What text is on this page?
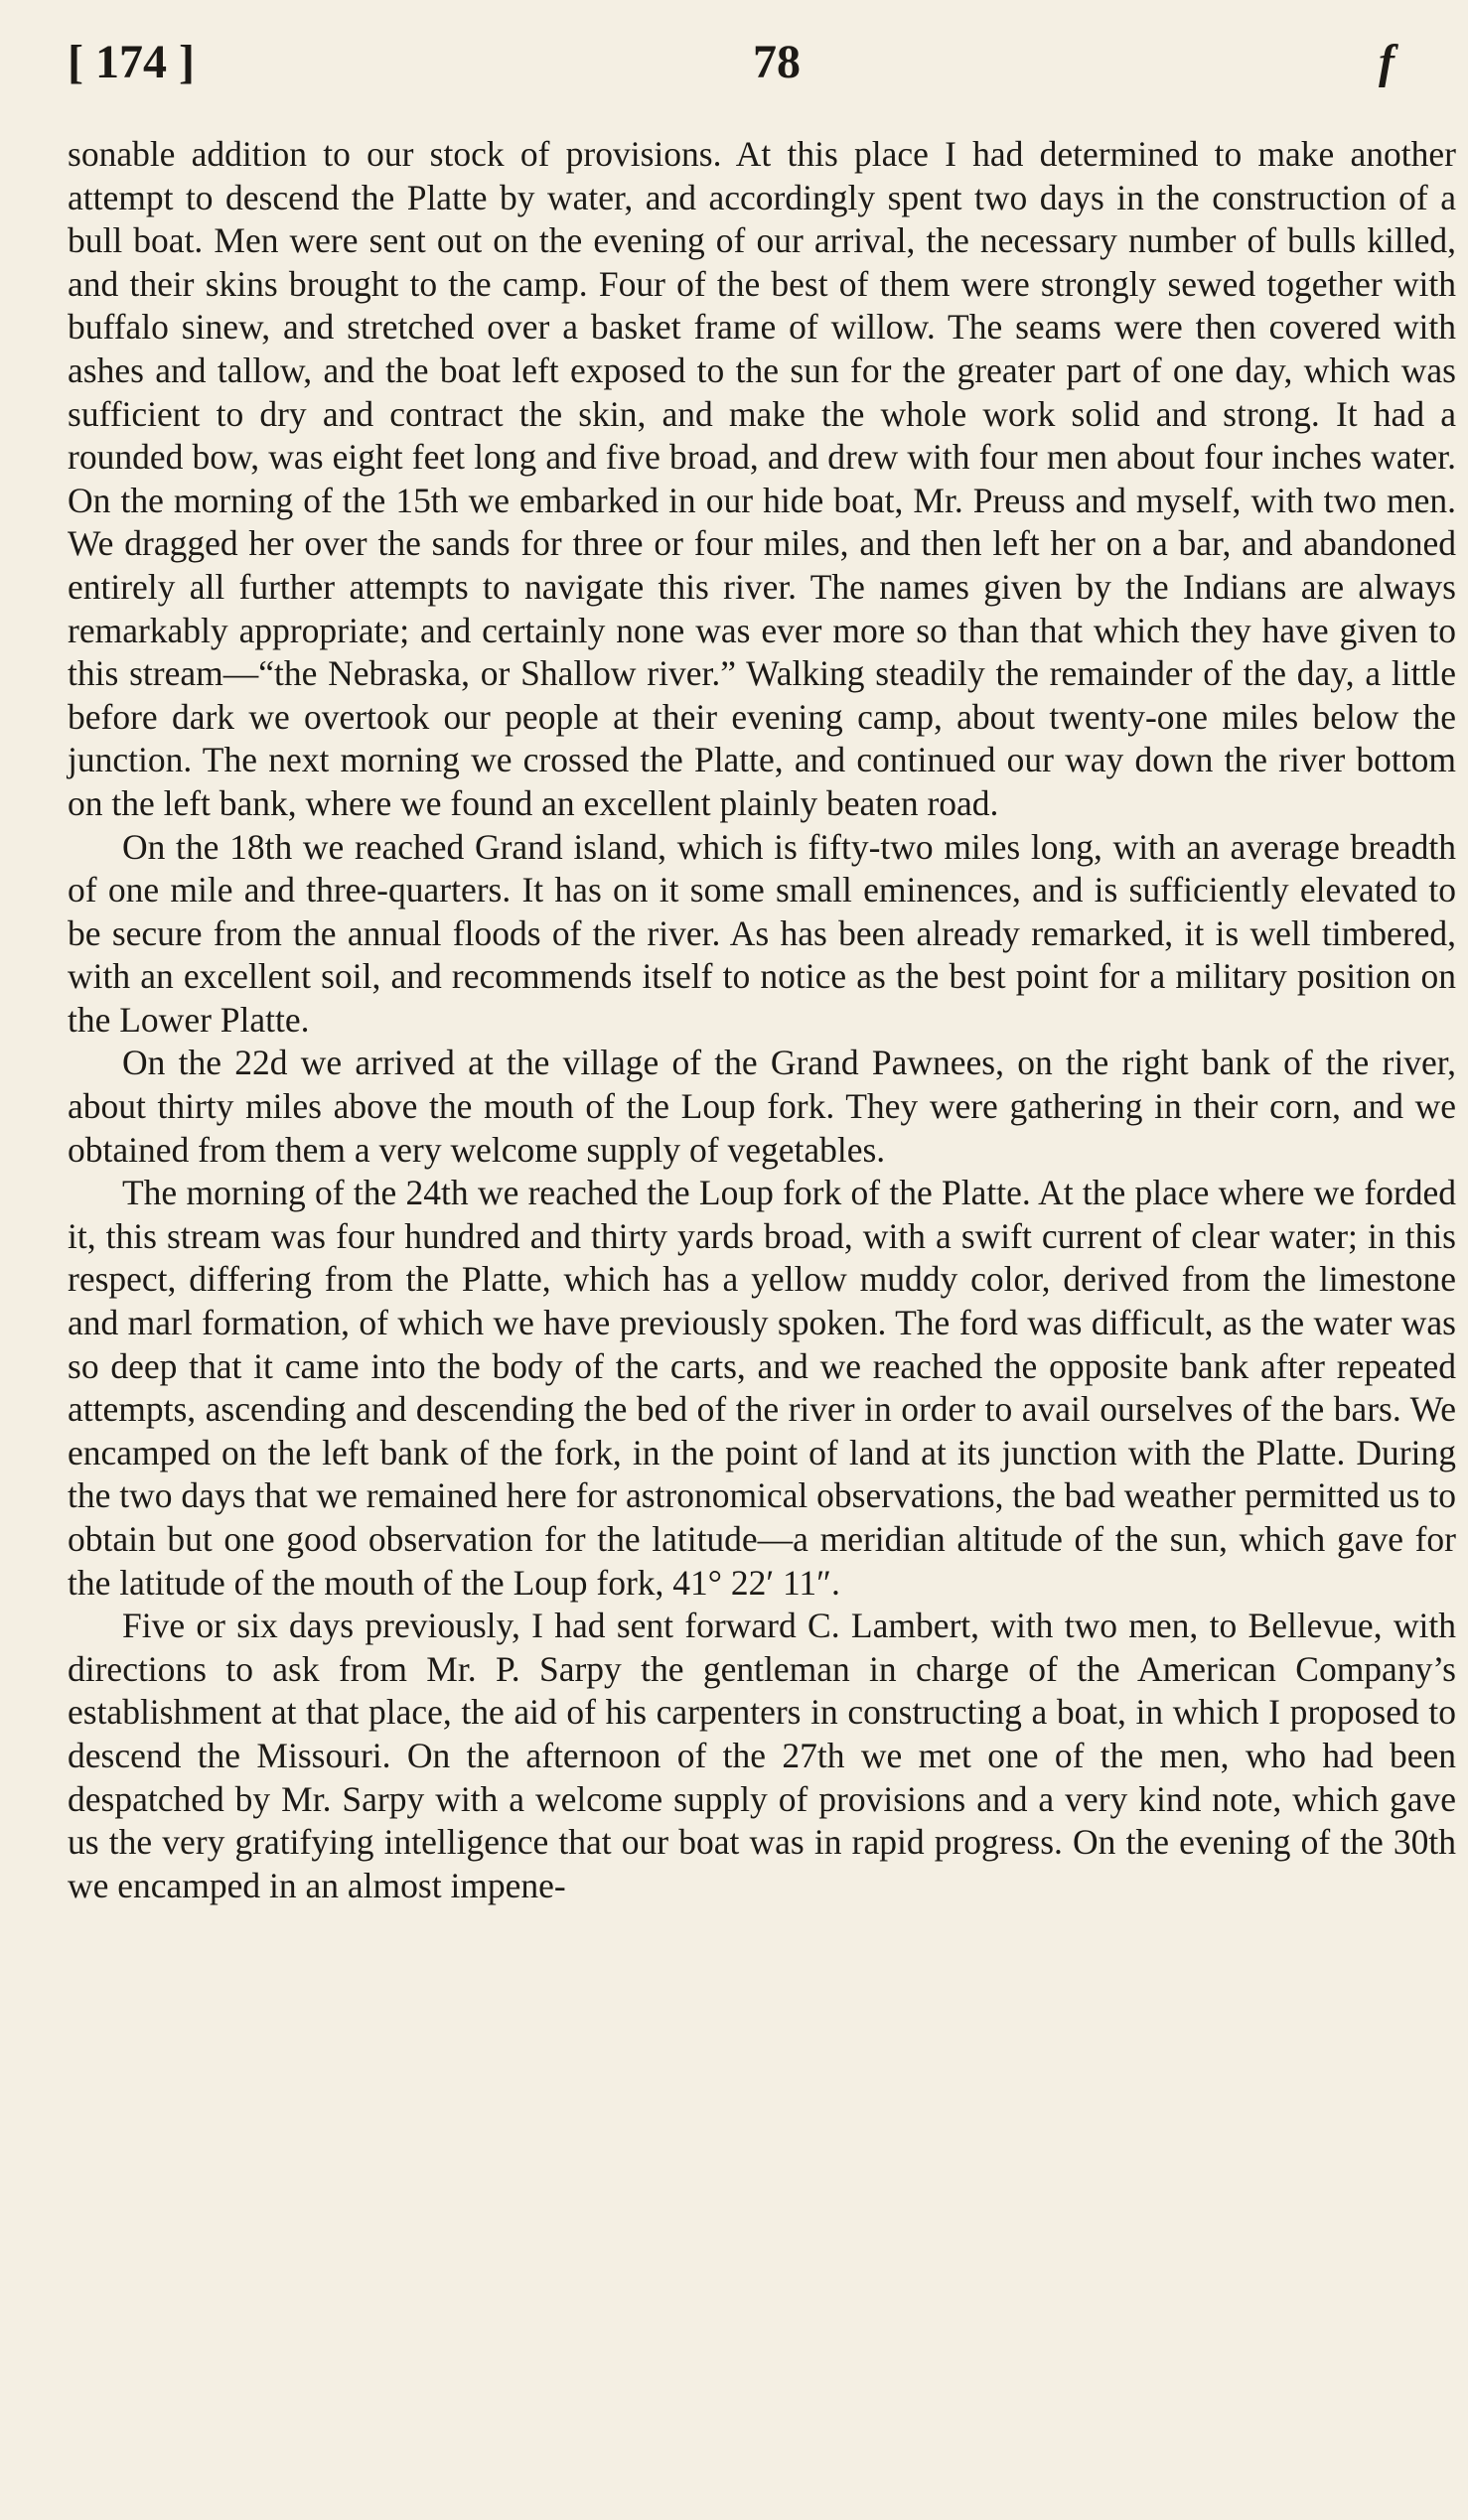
[ 174 ]	78	f

sonable addition to our stock of provisions. At this place I had determined to make another attempt to descend the Platte by water, and accordingly spent two days in the construction of a bull boat. Men were sent out on the evening of our arrival, the necessary number of bulls killed, and their skins brought to the camp. Four of the best of them were strongly sewed together with buffalo sinew, and stretched over a basket frame of willow. The seams were then covered with ashes and tallow, and the boat left exposed to the sun for the greater part of one day, which was sufficient to dry and contract the skin, and make the whole work solid and strong. It had a rounded bow, was eight feet long and five broad, and drew with four men about four inches water. On the morning of the 15th we embarked in our hide boat, Mr. Preuss and myself, with two men. We dragged her over the sands for three or four miles, and then left her on a bar, and abandoned entirely all further attempts to navigate this river. The names given by the Indians are always remarkably appropriate; and certainly none was ever more so than that which they have given to this stream—“the Nebraska, or Shallow river.” Walking steadily the remainder of the day, a little before dark we overtook our people at their evening camp, about twenty-one miles below the junction. The next morning we crossed the Platte, and continued our way down the river bottom on the left bank, where we found an excellent plainly beaten road.

On the 18th we reached Grand island, which is fifty-two miles long, with an average breadth of one mile and three-quarters. It has on it some small eminences, and is sufficiently elevated to be secure from the annual floods of the river. As has been already remarked, it is well timbered, with an excellent soil, and recommends itself to notice as the best point for a military position on the Lower Platte.

On the 22d we arrived at the village of the Grand Pawnees, on the right bank of the river, about thirty miles above the mouth of the Loup fork. They were gathering in their corn, and we obtained from them a very welcome supply of vegetables.

The morning of the 24th we reached the Loup fork of the Platte. At the place where we forded it, this stream was four hundred and thirty yards broad, with a swift current of clear water; in this respect, differing from the Platte, which has a yellow muddy color, derived from the limestone and marl formation, of which we have previously spoken. The ford was difficult, as the water was so deep that it came into the body of the carts, and we reached the opposite bank after repeated attempts, ascending and descending the bed of the river in order to avail ourselves of the bars. We encamped on the left bank of the fork, in the point of land at its junction with the Platte. During the two days that we remained here for astronomical observations, the bad weather permitted us to obtain but one good observation for the latitude—a meridian altitude of the sun, which gave for the latitude of the mouth of the Loup fork, 41° 22′ 11″.

Five or six days previously, I had sent forward C. Lambert, with two men, to Bellevue, with directions to ask from Mr. P. Sarpy the gentleman in charge of the American Company’s establishment at that place, the aid of his carpenters in constructing a boat, in which I proposed to descend the Missouri. On the afternoon of the 27th we met one of the men, who had been despatched by Mr. Sarpy with a welcome supply of provisions and a very kind note, which gave us the very gratifying intelligence that our boat was in rapid progress. On the evening of the 30th we encamped in an almost impene-
